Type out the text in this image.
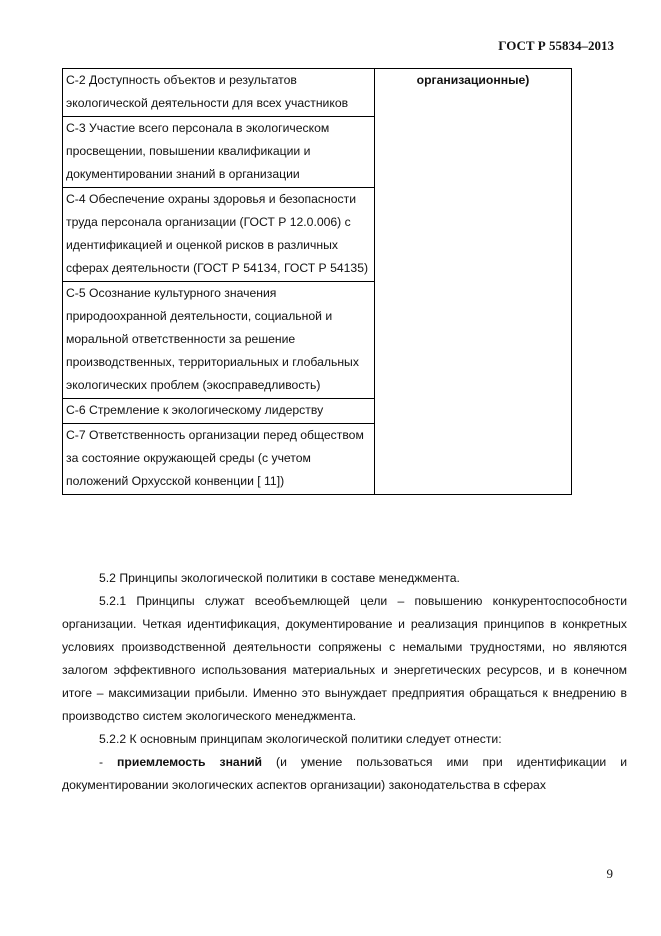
ГОСТ Р 55834–2013
С-2 Доступность объектов и результатов экологической деятельности для всех участников	организационные)
С-3 Участие всего персонала в экологическом просвещении, повышении квалификации и документировании знаний в организации
С-4 Обеспечение охраны здоровья и безопасности труда персонала организации (ГОСТ Р 12.0.006) с идентификацией и оценкой рисков в различных сферах деятельности (ГОСТ Р 54134, ГОСТ Р 54135)
С-5 Осознание культурного значения природоохранной деятельности, социальной и моральной ответственности за решение производственных, территориальных и глобальных экологических проблем (экосправедливость)
С-6 Стремление к экологическому лидерству
С-7 Ответственность организации перед обществом за состояние окружающей среды (с учетом положений Орхусской конвенции [ 11])

5.2 Принципы экологической политики в составе менеджмента.

5.2.1 Принципы служат всеобъемлющей цели – повышению конкурентоспособности организации. Четкая идентификация, документирование и реализация принципов в конкретных условиях производственной деятельности сопряжены с немалыми трудностями, но являются залогом эффективного использования материальных и энергетических ресурсов, и в конечном итоге – максимизации прибыли. Именно это вынуждает предприятия обращаться к внедрению в производство систем экологического менеджмента.

5.2.2 К основным принципам экологической политики следует отнести:

- приемлемость знаний (и умение пользоваться ими при идентификации и документировании экологических аспектов организации) законодательства в сферах

9
